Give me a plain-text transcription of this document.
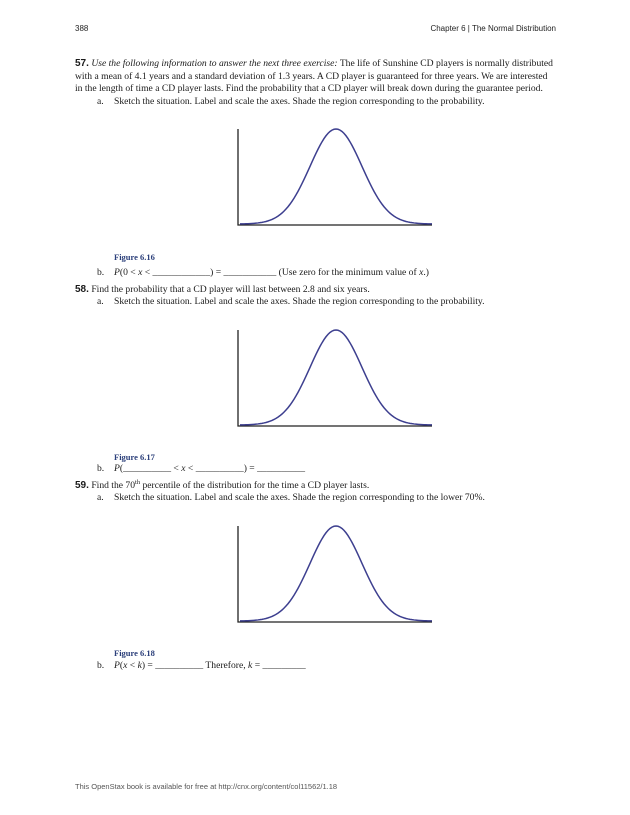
388	Chapter 6 | The Normal Distribution
57. Use the following information to answer the next three exercise: The life of Sunshine CD players is normally distributed with a mean of 4.1 years and a standard deviation of 1.3 years. A CD player is guaranteed for three years. We are interested in the length of time a CD player lasts. Find the probability that a CD player will break down during the guarantee period.
a. Sketch the situation. Label and scale the axes. Shade the region corresponding to the probability.
Figure 6.16
b. P(0 < x < ____________) = ___________ (Use zero for the minimum value of x.)
58. Find the probability that a CD player will last between 2.8 and six years.
a. Sketch the situation. Label and scale the axes. Shade the region corresponding to the probability.
Figure 6.17
b. P(__________ < x < __________) = __________
59. Find the 70th percentile of the distribution for the time a CD player lasts.
a. Sketch the situation. Label and scale the axes. Shade the region corresponding to the lower 70%.
Figure 6.18
b. P(x < k) = __________ Therefore, k = _________
This OpenStax book is available for free at http://cnx.org/content/col11562/1.18
